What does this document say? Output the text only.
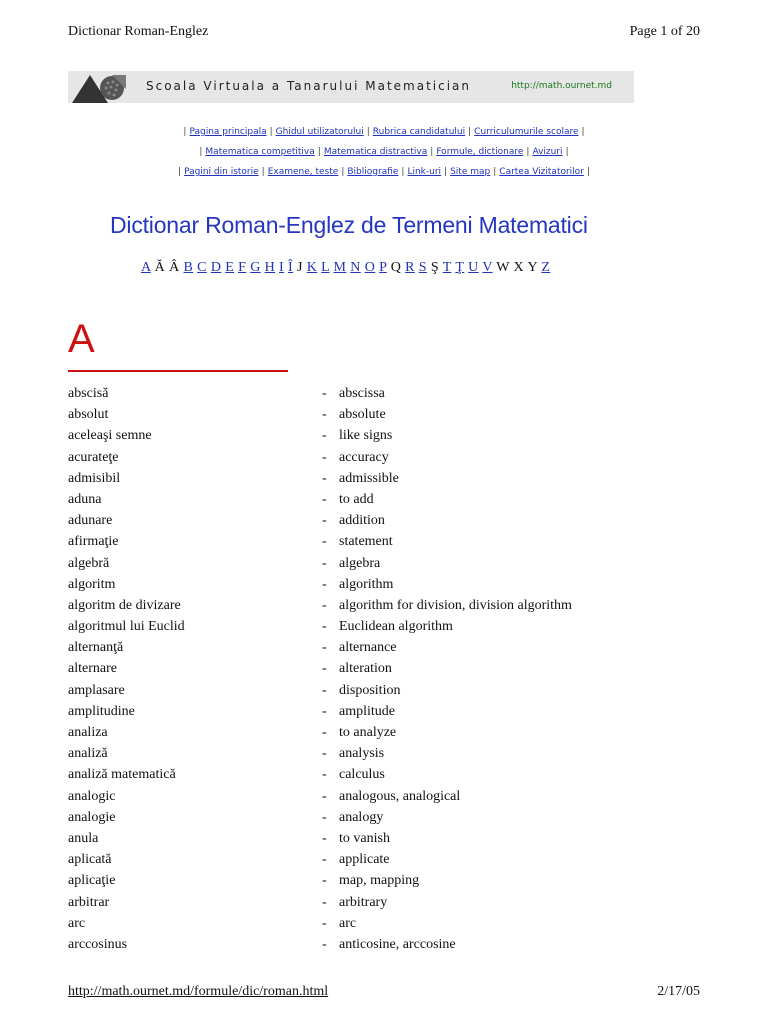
Dictionar Roman-Englez	Page 1 of 20
Scoala Virtuala a Tanarului Matematician	http://math.ournet.md
| Pagina principala | Ghidul utilizatorului | Rubrica candidatului | Curriculumurile scolare |
| Matematica competitiva | Matematica distractiva | Formule, dictionare | Avizuri |
| Pagini din istorie | Examene, teste | Bibliografie | Link-uri | Site map | Cartea Vizitatorilor |
Dictionar Roman-Englez de Termeni Matematici
A Ă Â B C D E F G H I Î J K L M N O P Q R S Ş T Ţ U V W X Y Z
A
abscisă	- abscissa
absolut	- absolute
aceleaşi semne	- like signs
acurateţe	- accuracy
admisibil	- admissible
aduna	- to add
adunare	- addition
afirmaţie	- statement
algebră	- algebra
algoritm	- algorithm
algoritm de divizare	- algorithm for division, division algorithm
algoritmul lui Euclid	- Euclidean algorithm
alternanţă	- alternance
alternare	- alteration
amplasare	- disposition
amplitudine	- amplitude
analiza	- to analyze
analiză	- analysis
analiză matematică	- calculus
analogic	- analogous, analogical
analogie	- analogy
anula	- to vanish
aplicată	- applicate
aplicaţie	- map, mapping
arbitrar	- arbitrary
arc	- arc
arccosinus	- anticosine, arccosine
http://math.ournet.md/formule/dic/roman.html	2/17/05
